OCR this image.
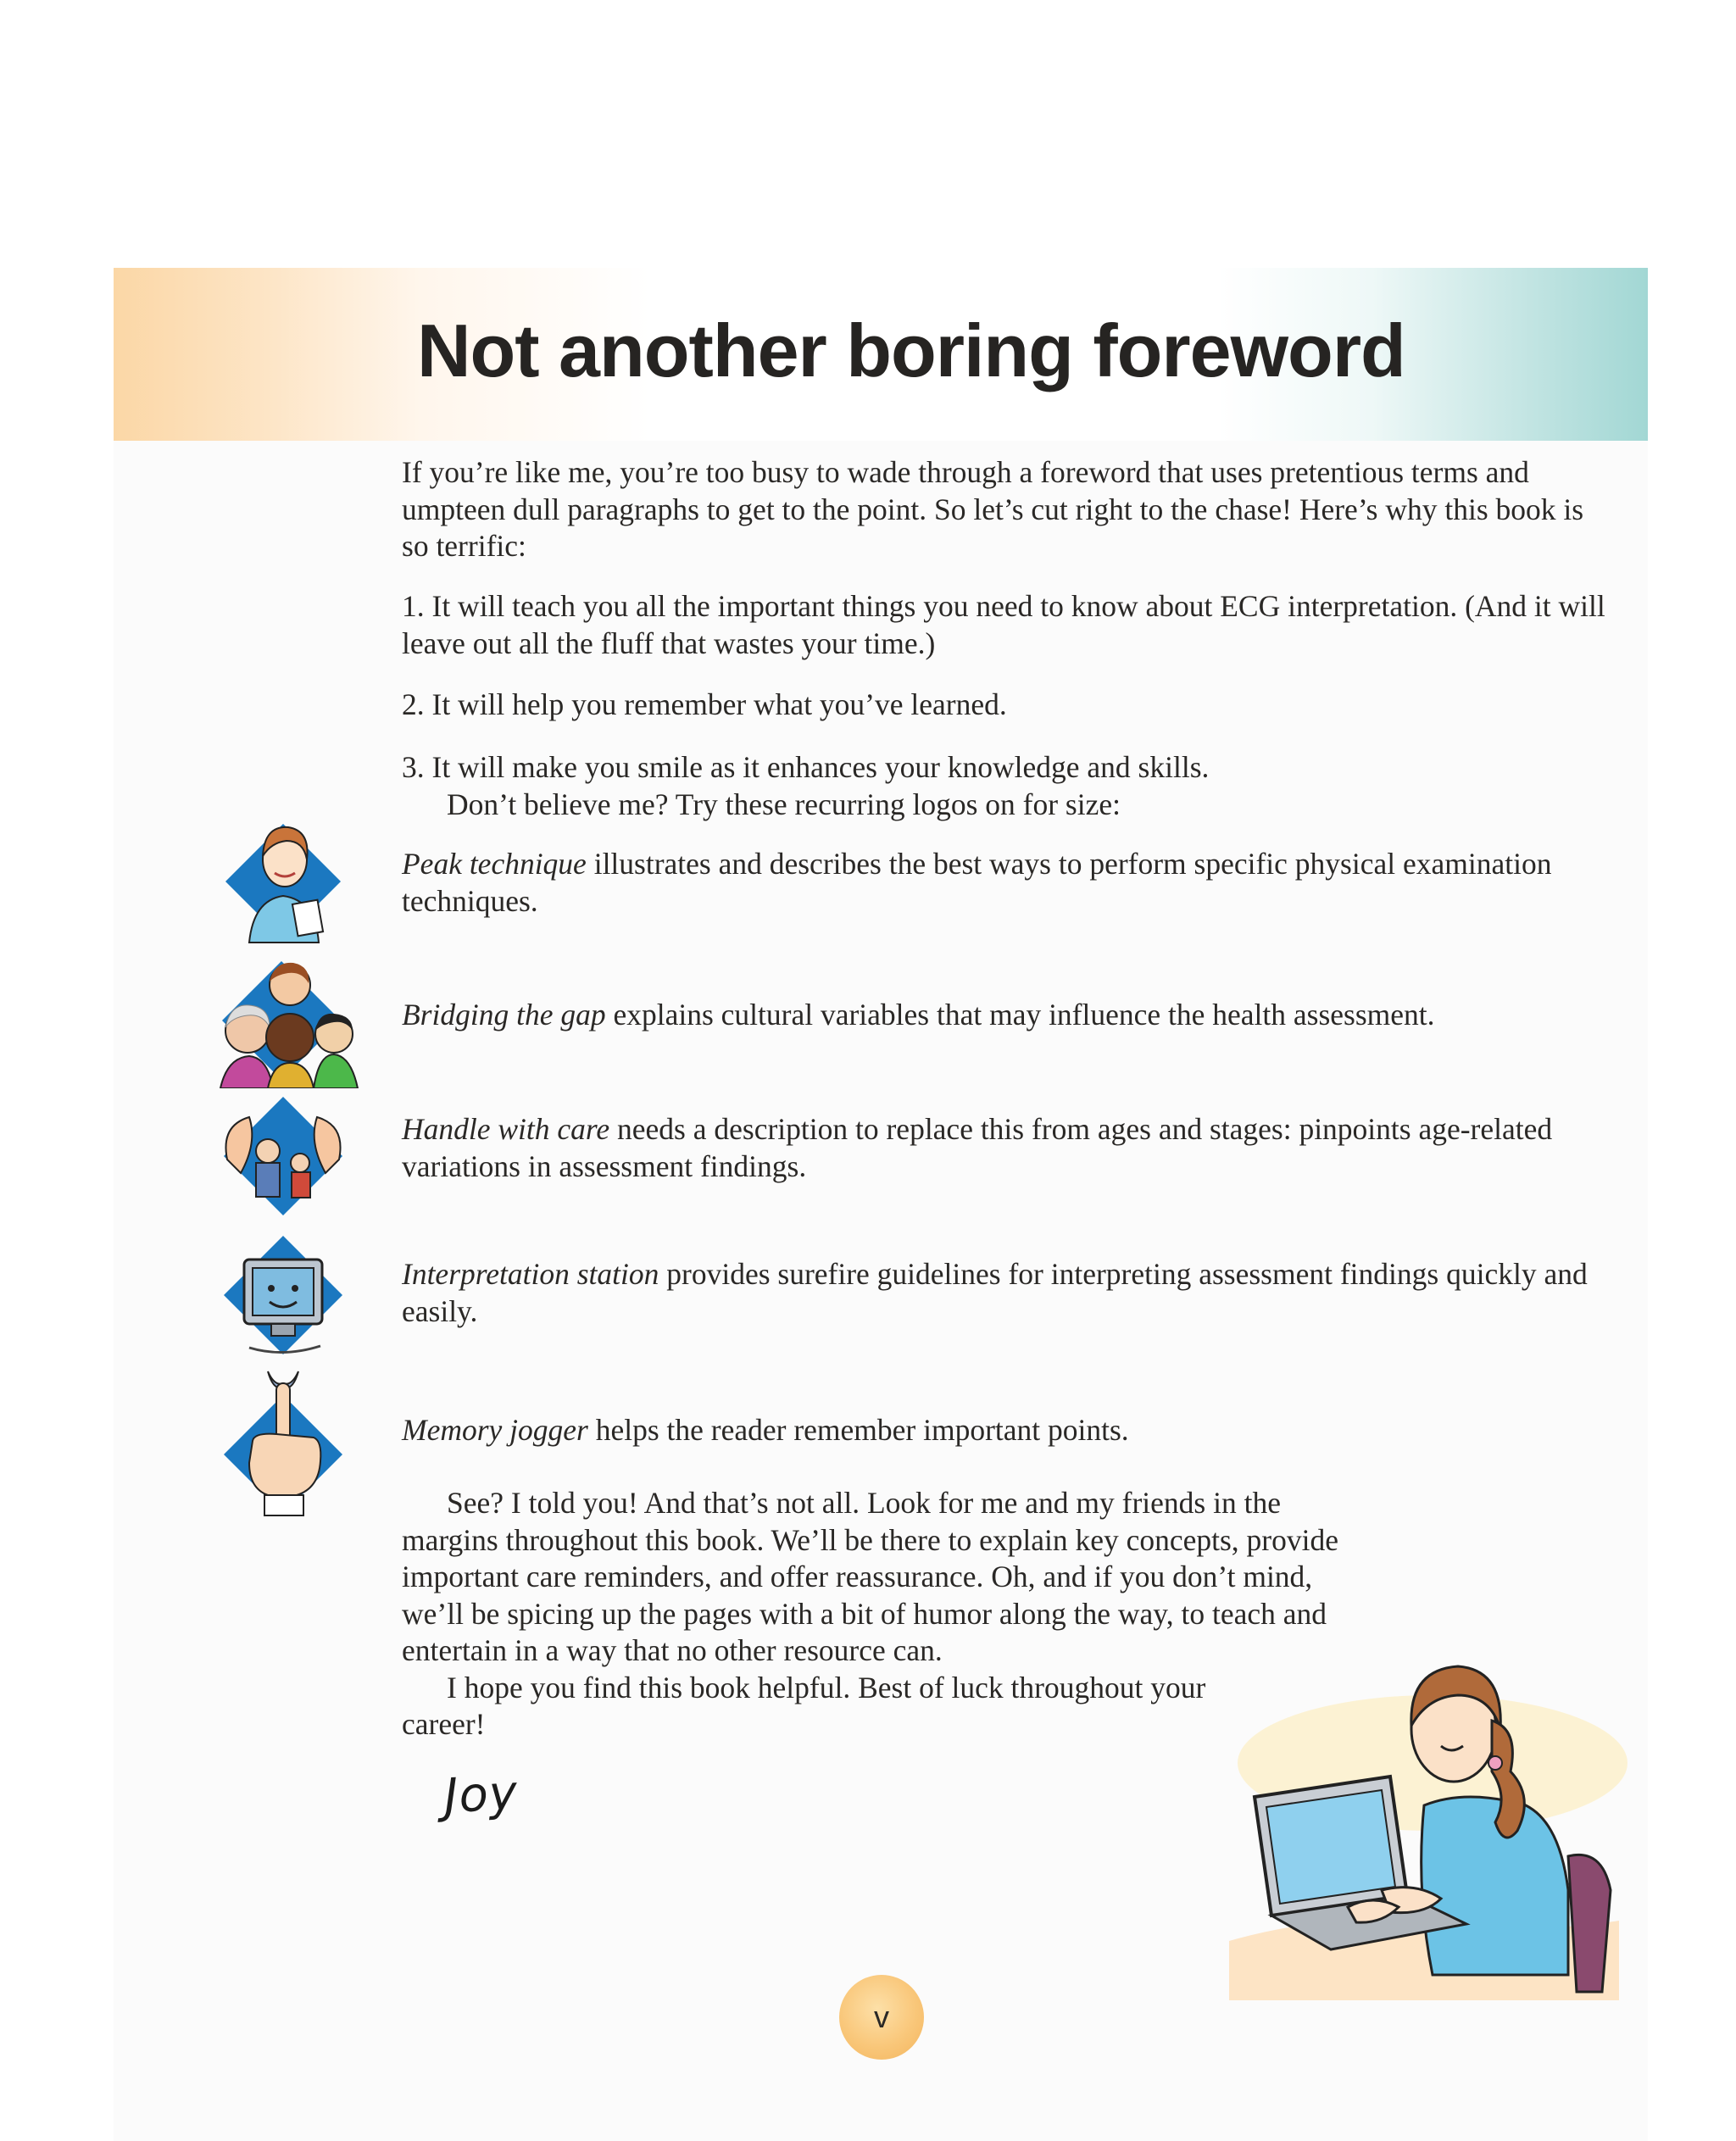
Not another boring foreword

If you’re like me, you’re too busy to wade through a foreword that uses pretentious terms and umpteen dull paragraphs to get to the point. So let’s cut right to the chase! Here’s why this book is so terrific:

1. It will teach you all the important things you need to know about ECG interpretation. (And it will leave out all the fluff that wastes your time.)

2. It will help you remember what you’ve learned.

3. It will make you smile as it enhances your knowledge and skills.

Don’t believe me? Try these recurring logos on for size:

Peak technique illustrates and describes the best ways to perform specific physical examination techniques.
Bridging the gap explains cultural variables that may influence the health assessment.
Handle with care needs a description to replace this from ages and stages: pinpoints age-related variations in assessment findings.
Interpretation station provides surefire guidelines for interpreting assessment findings quickly and easily.
Memory jogger helps the reader remember important points.

See? I told you! And that’s not all. Look for me and my friends in the margins throughout this book. We’ll be there to explain key concepts, provide important care reminders, and offer reassurance. Oh, and if you don’t mind, we’ll be spicing up the pages with a bit of humor along the way, to teach and entertain in a way that no other resource can.

I hope you find this book helpful. Best of luck throughout your career!

Joy
v
